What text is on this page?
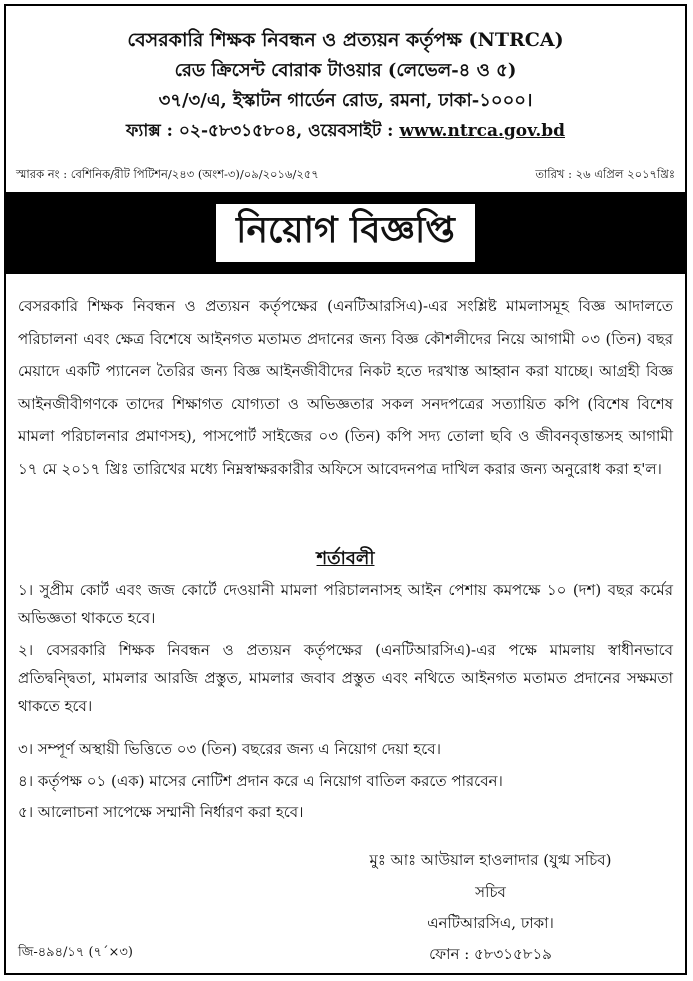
বেসরকারি শিক্ষক নিবন্ধন ও প্রত্যয়ন কর্তৃপক্ষ (NTRCA)
রেড ক্রিসেন্ট বোরাক টাওয়ার (লেভেল-৪ ও ৫)
৩৭/৩/এ, ইস্কাটন গার্ডেন রোড, রমনা, ঢাকা-১০০০।
ফ্যাক্স : ০২-৫৮৩১৫৮০৪, ওয়েবসাইট : www.ntrca.gov.bd
স্মারক নং : বেশিনিক/রীট পিটিশন/২৪৩ (অংশ-৩)/০৯/২০১৬/২৫৭	তারিখ : ২৬ এপ্রিল ২০১৭খ্রিঃ
নিয়োগ বিজ্ঞপ্তি
বেসরকারি শিক্ষক নিবন্ধন ও প্রত্যয়ন কর্তৃপক্ষের (এনটিআরসিএ)-এর সংশ্লিষ্ট মামলাসমূহ বিজ্ঞ আদালতে পরিচালনা এবং ক্ষেত্র বিশেষে আইনগত মতামত প্রদানের জন্য বিজ্ঞ কৌশলীদের নিয়ে আগামী ০৩ (তিন) বছর মেয়াদে একটি প্যানেল তৈরির জন্য বিজ্ঞ আইনজীবীদের নিকট হতে দরখাস্ত আহ্বান করা যাচ্ছে। আগ্রহী বিজ্ঞ আইনজীবীগণকে তাদের শিক্ষাগত যোগ্যতা ও অভিজ্ঞতার সকল সনদপত্রের সত্যায়িত কপি (বিশেষ বিশেষ মামলা পরিচালনার প্রমাণসহ), পাসপোর্ট সাইজের ০৩ (তিন) কপি সদ্য তোলা ছবি ও জীবনবৃত্তান্তসহ আগামী ১৭ মে ২০১৭ খ্রিঃ তারিখের মধ্যে নিম্নস্বাক্ষরকারীর অফিসে আবেদনপত্র দাখিল করার জন্য অনুরোধ করা হ'ল।
শর্তাবলী
১। সুপ্রীম কোর্ট এবং জজ কোর্টে দেওয়ানী মামলা পরিচালনাসহ আইন পেশায় কমপক্ষে ১০ (দশ) বছর কর্মের অভিজ্ঞতা থাকতে হবে।
২। বেসরকারি শিক্ষক নিবন্ধন ও প্রত্যয়ন কর্তৃপক্ষের (এনটিআরসিএ)-এর পক্ষে মামলায় স্বাধীনভাবে প্রতিদ্বন্দ্বিতা, মামলার আরজি প্রস্তুত, মামলার জবাব প্রস্তুত এবং নথিতে আইনগত মতামত প্রদানের সক্ষমতা থাকতে হবে।
৩। সম্পূর্ণ অস্থায়ী ভিত্তিতে ০৩ (তিন) বছরের জন্য এ নিয়োগ দেয়া হবে।
৪। কর্তৃপক্ষ ০১ (এক) মাসের নোটিশ প্রদান করে এ নিয়োগ বাতিল করতে পারবেন।
৫। আলোচনা সাপেক্ষে সম্মানী নির্ধারণ করা হবে।
মুঃ আঃ আউয়াল হাওলাদার (যুগ্ম সচিব)
সচিব
এনটিআরসিএ, ঢাকা।
ফোন : ৫৮৩১৫৮১৯
জি-৪৯৪/১৭ (৭ˊ×৩)
